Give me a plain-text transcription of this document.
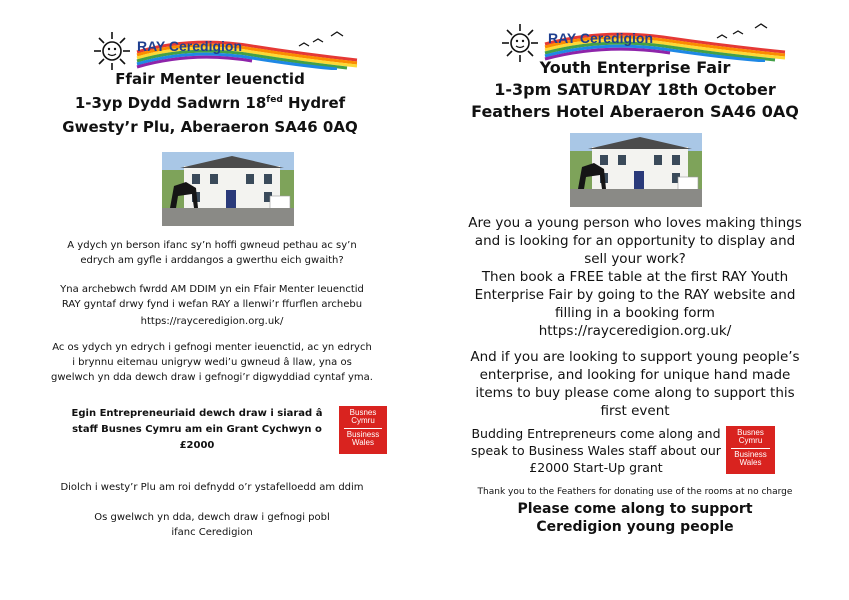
RAY Ceredigion
Ffair Menter Ieuenctid
1-3yp Dydd Sadwrn $18^{fed}$ Hydref
Gwesty’r Plu, Aberaeron SA46 0AQ
A ydych yn berson ifanc sy’n hoffi gwneud pethau ac sy’n edrych am gyfle i arddangos a gwerthu eich gwaith?
Yna archebwch fwrdd AM DDIM yn ein Ffair Menter Ieuenctid RAY gyntaf drwy fynd i wefan RAY a llenwi’r ffurflen archebu
https://rayceredigion.org.uk/
Ac os ydych yn edrych i gefnogi menter ieuenctid, ac yn edrych i brynnu eitemau unigryw wedi’u gwneud â llaw, yna os gwelwch yn dda dewch draw i gefnogi’r digwyddiad cyntaf yma.
Egin Entrepreneuriaid dewch draw i siarad â staff Busnes Cymru am ein Grant Cychwyn o £2000
Busnes
Cymru
Business
Wales
Diolch i westy’r Plu am roi defnydd o’r ystafelloedd am ddim
Os gwelwch yn dda, dewch draw i gefnogi pobl ifanc Ceredigion
RAY Ceredigion
Youth Enterprise Fair
1-3pm SATURDAY 18th October
Feathers Hotel Aberaeron SA46 0AQ
Are you a young person who loves making things and is looking for an opportunity to display and sell your work?
Then book a FREE table at the first RAY Youth Enterprise Fair by going to the RAY website and filling in a booking form
https://rayceredigion.org.uk/
And if you are looking to support young people’s enterprise, and looking for unique hand made items to buy please come along to support this first event
Budding Entrepreneurs come along and speak to Business Wales staff about our £2000 Start-Up grant
Busnes
Cymru
Business
Wales
Thank you to the Feathers for donating use of the rooms at no charge
Please come along to support Ceredigion young people
